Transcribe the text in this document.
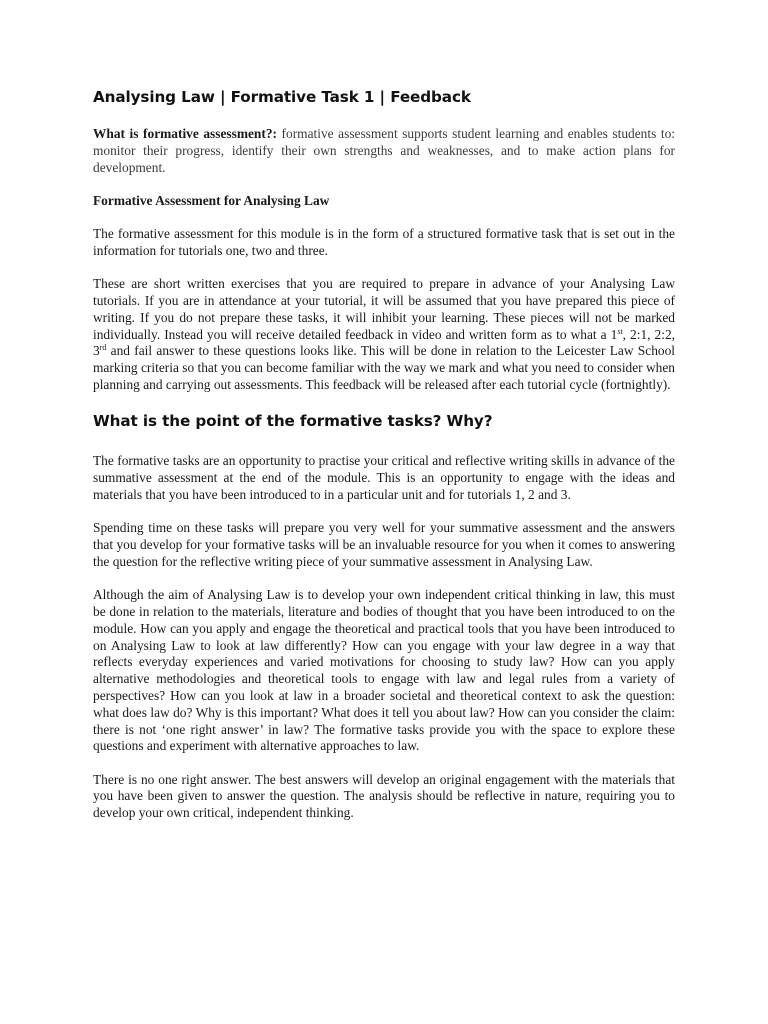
Analysing Law | Formative Task 1 | Feedback

What is formative assessment?: formative assessment supports student learning and enables students to: monitor their progress, identify their own strengths and weaknesses, and to make action plans for development.

Formative Assessment for Analysing Law

The formative assessment for this module is in the form of a structured formative task that is set out in the information for tutorials one, two and three.

These are short written exercises that you are required to prepare in advance of your Analysing Law tutorials. If you are in attendance at your tutorial, it will be assumed that you have prepared this piece of writing. If you do not prepare these tasks, it will inhibit your learning. These pieces will not be marked individually. Instead you will receive detailed feedback in video and written form as to what a 1st, 2:1, 2:2, 3rd and fail answer to these questions looks like. This will be done in relation to the Leicester Law School marking criteria so that you can become familiar with the way we mark and what you need to consider when planning and carrying out assessments. This feedback will be released after each tutorial cycle (fortnightly).

What is the point of the formative tasks? Why?

The formative tasks are an opportunity to practise your critical and reflective writing skills in advance of the summative assessment at the end of the module. This is an opportunity to engage with the ideas and materials that you have been introduced to in a particular unit and for tutorials 1, 2 and 3.

Spending time on these tasks will prepare you very well for your summative assessment and the answers that you develop for your formative tasks will be an invaluable resource for you when it comes to answering the question for the reflective writing piece of your summative assessment in Analysing Law.

Although the aim of Analysing Law is to develop your own independent critical thinking in law, this must be done in relation to the materials, literature and bodies of thought that you have been introduced to on the module. How can you apply and engage the theoretical and practical tools that you have been introduced to on Analysing Law to look at law differently? How can you engage with your law degree in a way that reflects everyday experiences and varied motivations for choosing to study law? How can you apply alternative methodologies and theoretical tools to engage with law and legal rules from a variety of perspectives? How can you look at law in a broader societal and theoretical context to ask the question: what does law do? Why is this important? What does it tell you about law? How can you consider the claim: there is not ‘one right answer’ in law? The formative tasks provide you with the space to explore these questions and experiment with alternative approaches to law.

There is no one right answer. The best answers will develop an original engagement with the materials that you have been given to answer the question. The analysis should be reflective in nature, requiring you to develop your own critical, independent thinking.
